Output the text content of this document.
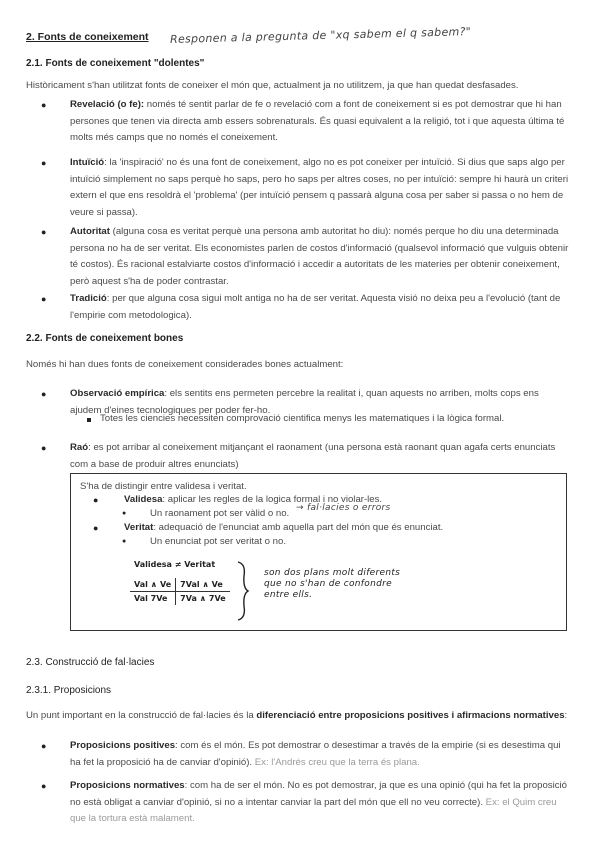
2. Fonts de coneixement Responen a la pregunta de "xq sabem el q sabem?"
2.1. Fonts de coneixement "dolentes"
Històricament s'han utilitzat fonts de coneixer el món que, actualment ja no utilitzem, ja que han quedat desfasades.
● Revelació (o fe): només té sentit parlar de fe o revelació com a font de coneixement si es pot demostrar que hi han persones que tenen via directa amb essers sobrenaturals. És quasi equivalent a la religió, tot i que aquesta última té molts més camps que no només el coneixement.
● Intuïció: la 'inspiració' no és una font de coneixement, algo no es pot coneixer per intuïció. Si dius que saps algo per intuïció simplement no saps perquè ho saps, pero ho saps per altres coses, no per intuïció: sempre hi haurà un criteri extern el que ens resoldrà el 'problema' (per intuïció pensem q passarà alguna cosa per saber si passa o no hem de veure si passa).
● Autoritat (alguna cosa es veritat perquè una persona amb autoritat ho diu): només perque ho diu una determinada persona no ha de ser veritat. Els economistes parlen de costos d'informació (qualsevol informació que vulguis obtenir té costos). És racional estalviarte costos d'informació i accedir a autoritats de les materies per obtenir coneixement, però aquest s'ha de poder contrastar.
● Tradició: per que alguna cosa sigui molt antiga no ha de ser veritat. Aquesta visió no deixa peu a l'evolució (tant de l'empirie com metodologica).
2.2. Fonts de coneixement bones
Només hi han dues fonts de coneixement considerades bones actualment:
● Observació empírica: els sentits ens permeten percebre la realitat i, quan aquests no arriben, molts cops ens ajudem d'eines tecnologiques per poder fer-ho.
Totes les ciencies necessiten comprovació cientifica menys les matematiques i la lògica formal.
● Raó: es pot arribar al coneixement mitjançant el raonament (una persona està raonant quan agafa certs enunciats com a base de produir altres enunciats)
S'ha de distingir entre validesa i veritat.
●	Validesa: aplicar les regles de la logica formal i no violar-les.
● Un raonament pot ser vàlid o no. → fal·lacies o errors
●	Veritat: adequació de l'enunciat amb aquella part del món que és enunciat.
● Un enunciat pot ser veritat o no.
Validesa ≠ Veritat
Val ∧ Ve	7Val ∧ Ve
Val 7Ve	7Va ∧ 7Ve
son dos plans molt diferents
que no s'han de confondre
entre ells.
2.3. Construcció de fal·lacies
2.3.1. Proposicions
Un punt important en la construcció de fal·lacies és la diferenciació entre proposicions positives i afirmacions normatives:
● Proposicions positives: com és el món. Es pot demostrar o desestimar a través de la empirie (si es desestima qui ha fet la proposició ha de canviar d'opinió). Ex: l'Andrés creu que la terra és plana.
● Proposicions normatives: com ha de ser el món. No es pot demostrar, ja que es una opinió (qui ha fet la proposició no està obligat a canviar d'opinió, si no a intentar canviar la part del món que ell no veu correcte). Ex: el Quim creu que la tortura està malament.
